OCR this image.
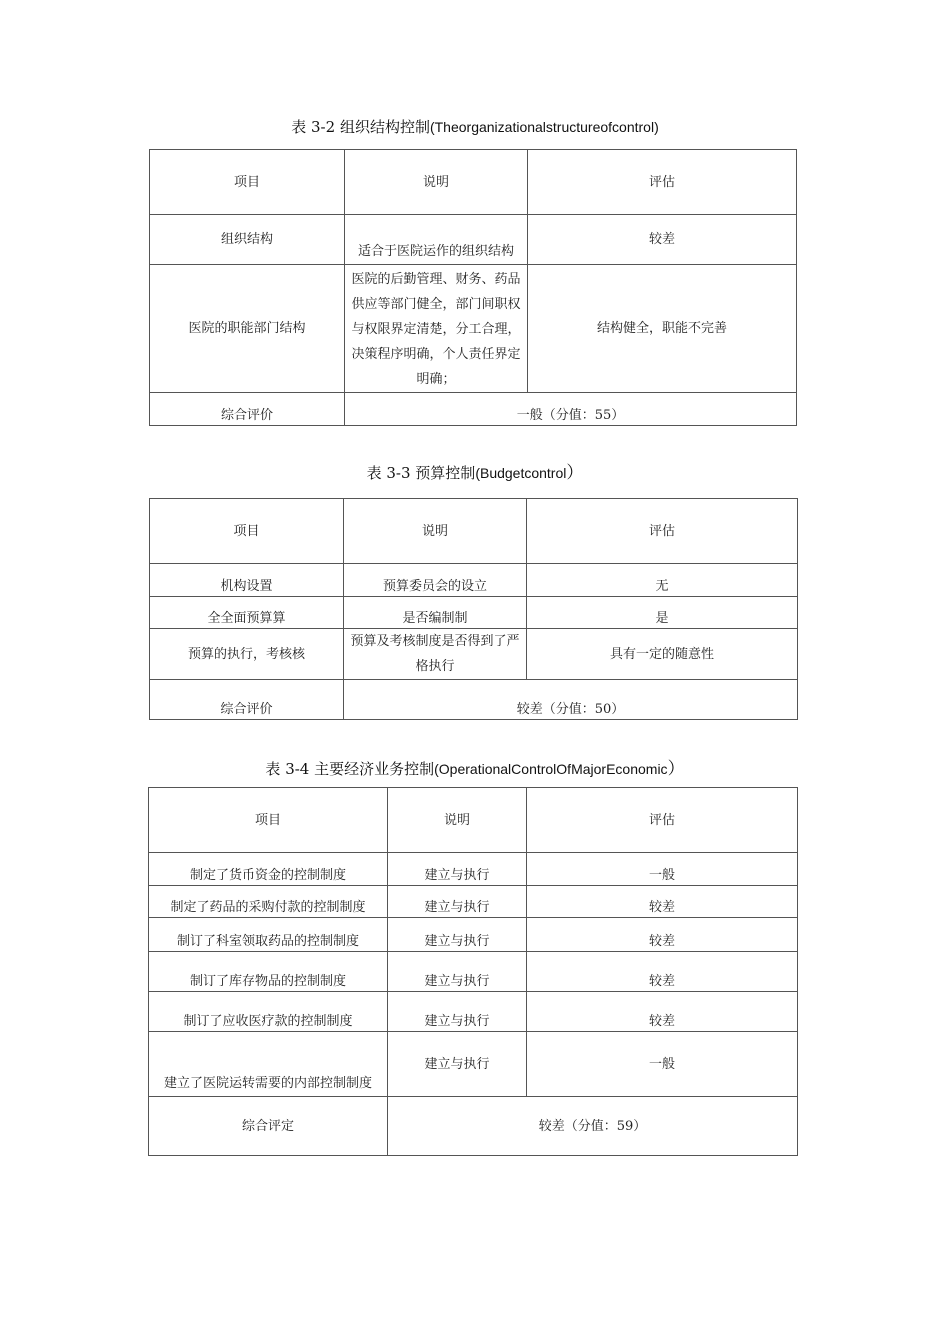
表 3-2 组织结构控制(Theorganizationalstructureofcontrol)
项目	说明	评估
组织结构	适合于医院运作的组织结构	较差
医院的职能部门结构	医院的后勤管理、财务、药品供应等部门健全，部门间职权与权限界定清楚，分工合理，决策程序明确，个人责任界定明确；	结构健全，职能不完善
综合评价	一般（分值：55）	
表 3-3 预算控制(Budgetcontrol）
项目	说明	评估
机构设置	预算委员会的设立	无
全全面预算算	是否编制制	是
预算的执行，考核核	预算及考核制度是否得到了严格执行	具有一定的随意性
综合评价	较差（分值：50）	
表 3-4 主要经济业务控制(OperationalControlOfMajorEconomic）
项目	说明	评估
制定了货币资金的控制制度	建立与执行	一般
制定了药品的采购付款的控制制度	建立与执行	较差
制订了科室领取药品的控制制度	建立与执行	较差
制订了库存物品的控制制度	建立与执行	较差
制订了应收医疗款的控制制度	建立与执行	较差
建立了医院运转需要的内部控制制度	建立与执行	一般
综合评定	较差（分值：59）	
